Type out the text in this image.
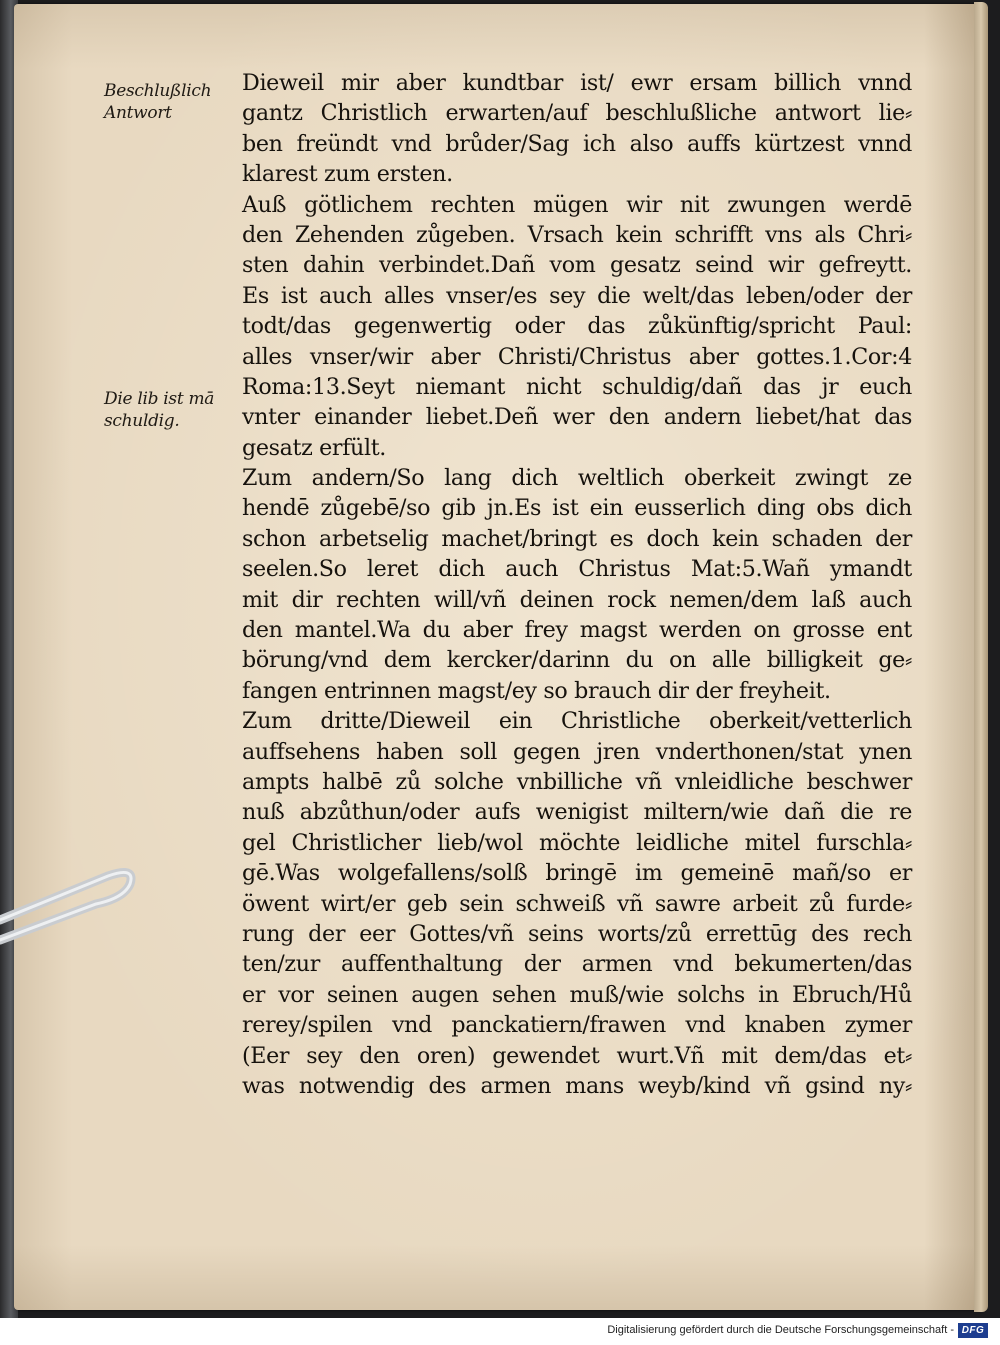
Beschlußlich
Antwort
Die lib ist mā
schuldig.
Dieweil mir aber kundtbar ist/ ewr ersam billich vnnd
gantz Christlich erwarten/auf beschlußliche antwort lie⸗
ben freündt vnd brůder/Sag ich also auffs kürtzest vnnd
klarest zum ersten.
Auß götlichem rechten mügen wir nit zwungen werdē
den Zehenden zůgeben. Vrsach kein schrifft vns als Chri⸗
sten dahin verbindet.Dañ vom gesatz seind wir gefreytt.
Es ist auch alles vnser/es sey die welt/das leben/oder der
todt/das gegenwertig oder das zůkünftig/spricht Paul:
alles vnser/wir aber Christi/Christus aber gottes.1.Cor:4
Roma:13.Seyt niemant nicht schuldig/dañ das jr euch
vnter einander liebet.Deñ wer den andern liebet/hat das
gesatz erfült.
Zum andern/So lang dich weltlich oberkeit zwingt ze
hendē zůgebē/so gib jn.Es ist ein eusserlich ding obs dich
schon arbetselig machet/bringt es doch kein schaden der
seelen.So leret dich auch Christus Mat:5.Wañ ymandt
mit dir rechten will/vñ deinen rock nemen/dem laß auch
den mantel.Wa du aber frey magst werden on grosse ent
bӧrung/vnd dem kercker/darinn du on alle billigkeit ge⸗
fangen entrinnen magst/ey so brauch dir der freyheit.
Zum dritte/Dieweil ein Christliche oberkeit/vetterlich
auffsehens haben soll gegen jren vnderthonen/stat ynen
ampts halbē zů solche vnbilliche vñ vnleidliche beschwer
nuß abzůthun/oder aufs wenigist miltern/wie dañ die re
gel Christlicher lieb/wol möchte leidliche mitel furschla⸗
gē.Was wolgefallens/solß bringē im gemeinē mañ/so er
ӧwent wirt/er geb sein schweiß vñ sawre arbeit zů furde⸗
rung der eer Gottes/vñ seins worts/zů errettūg des rech
ten/zur auffenthaltung der armen vnd bekumerten/das
er vor seinen augen sehen muß/wie solchs in Ebruch/Hů
rerey/spilen vnd panckatiern/frawen vnd knaben zymer
(Eer sey den oren) gewendet wurt.Vñ mit dem/das et⸗
was notwendig des armen mans weyb/kind vñ gsind ny⸗
Digitalisierung gefördert durch die Deutsche Forschungsgemeinschaft - DFG
